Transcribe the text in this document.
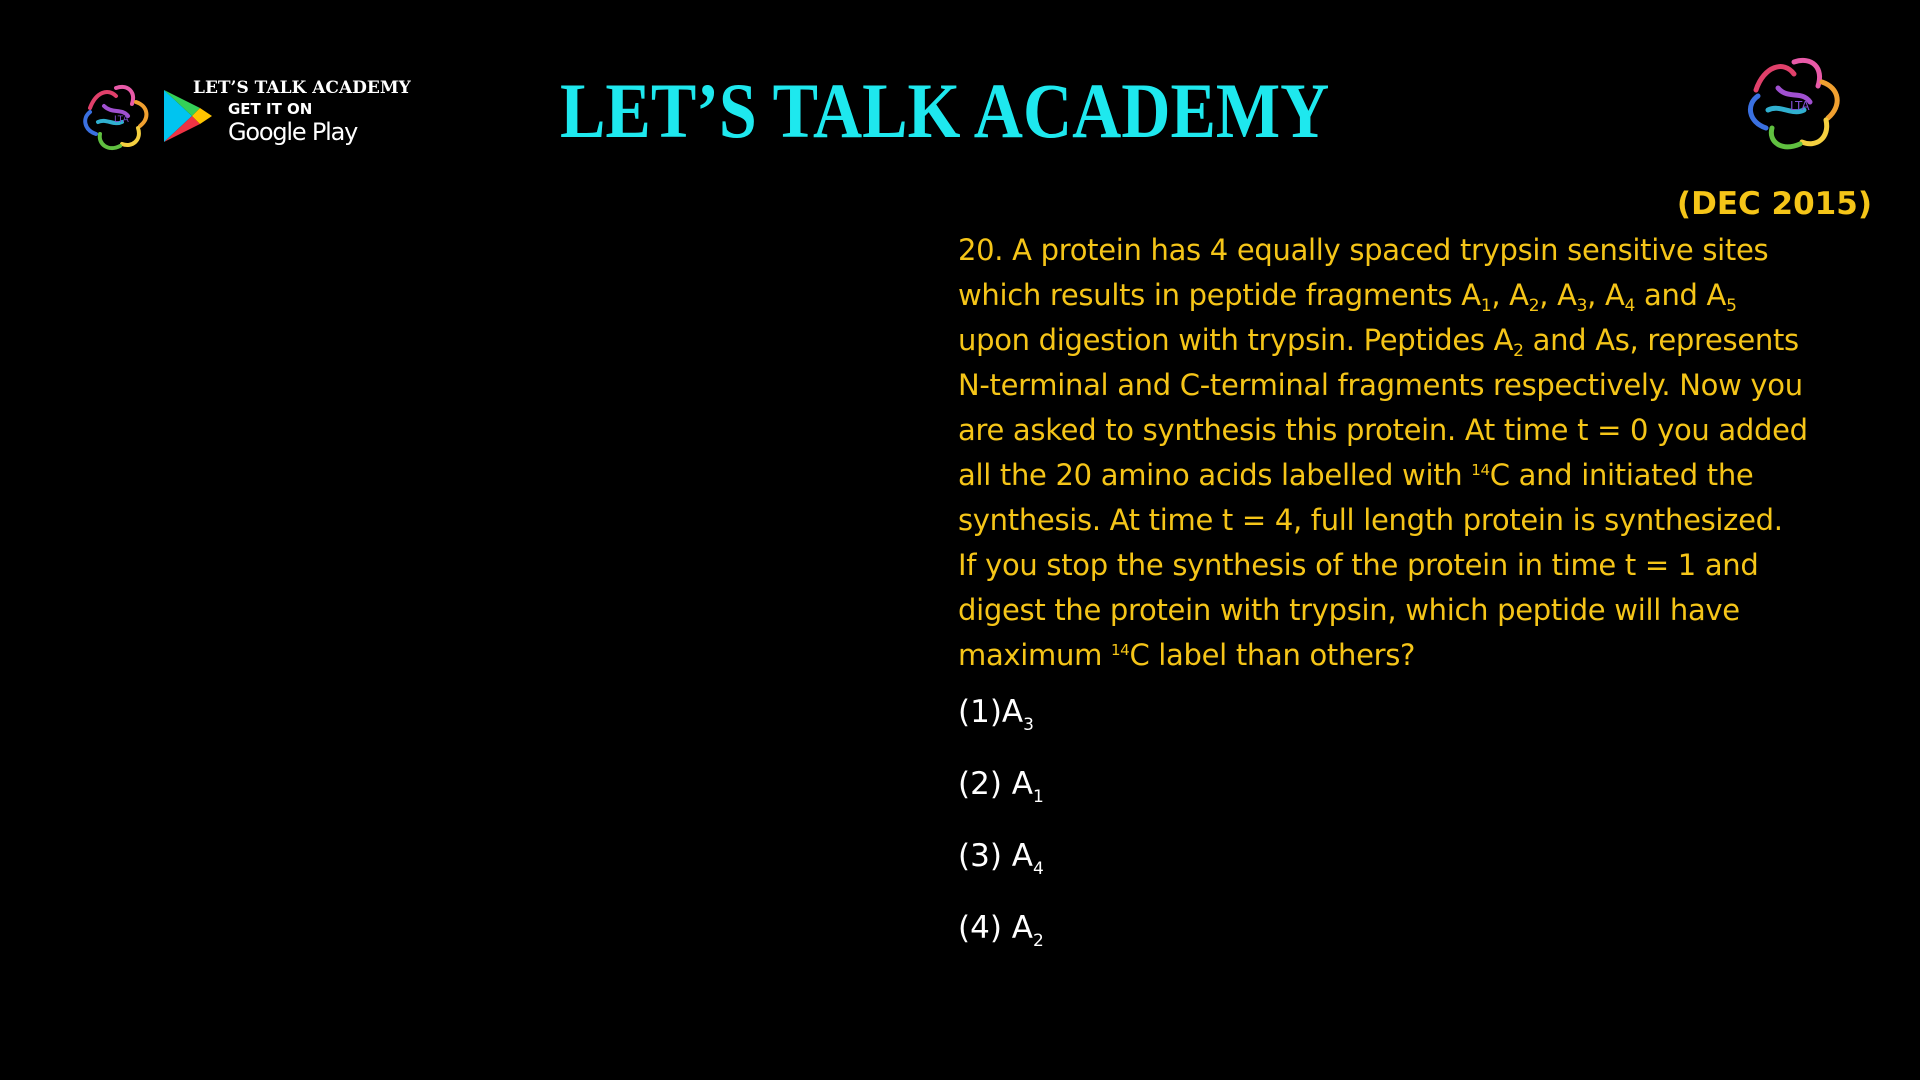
LTA
LET’S TALK ACADEMY
GET IT ON
Google Play	LET’S TALK ACADEMY	LTA
(DEC 2015)
20. A protein has 4 equally spaced trypsin sensitive sites
which results in peptide fragments $A_1$, $A_2$, $A_3$, $A_4$ and $A_5$
upon digestion with trypsin. Peptides $A_2$ and As, represents
N-terminal and C-terminal fragments respectively. Now you
are asked to synthesis this protein. At time t = 0 you added
all the 20 amino acids labelled with $^{14}$C and initiated the
synthesis. At time t = 4, full length protein is synthesized.
If you stop the synthesis of the protein in time t = 1 and
digest the protein with trypsin, which peptide will have
maximum $^{14}$C label than others?
$(1)A_3$
(2) $A_1$
(3) $A_4$
(4) $A_2$
